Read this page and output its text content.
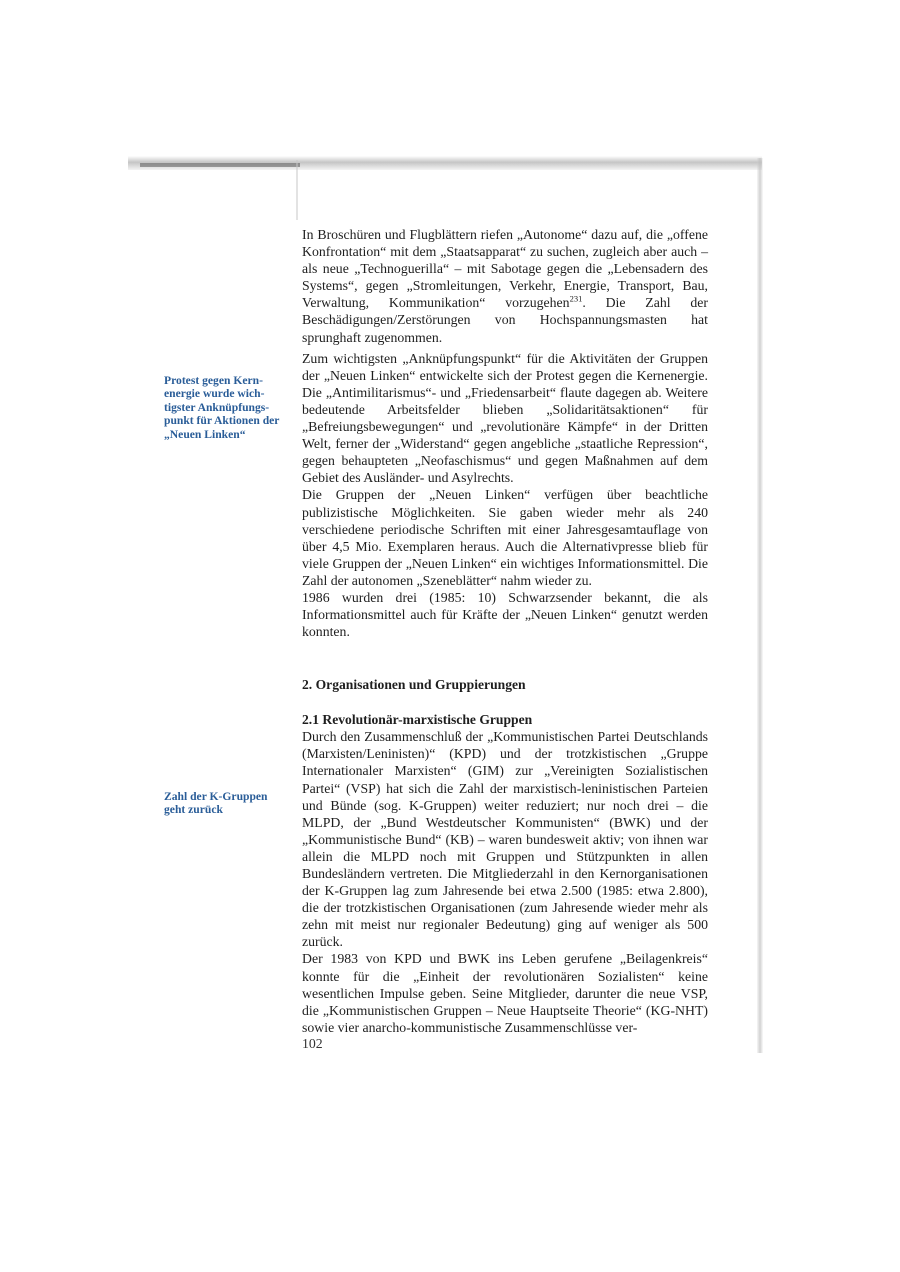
Protest gegen Kern- energie wurde wich- tigster Anknüpfungs- punkt für Aktionen der „Neuen Linken“

Zahl der K-Gruppen geht zurück

In Broschüren und Flugblättern riefen „Autonome“ dazu auf, die „offene Konfrontation“ mit dem „Staatsapparat“ zu suchen, zugleich aber auch – als neue „Technoguerilla“ – mit Sabotage gegen die „Lebensadern des Systems“, gegen „Stromleitungen, Verkehr, Energie, Transport, Bau, Verwaltung, Kommunikation“ vorzugehen$^{231}$. Die Zahl der Beschädigungen/Zerstörungen von Hochspannungsmasten hat sprunghaft zugenommen.

Zum wichtigsten „Anknüpfungspunkt“ für die Aktivitäten der Gruppen der „Neuen Linken“ entwickelte sich der Protest gegen die Kernenergie. Die „Antimilitarismus“- und „Friedensarbeit“ flaute dagegen ab. Weitere bedeutende Arbeitsfelder blieben „Solidaritätsaktionen“ für „Befreiungsbewegungen“ und „revolutionäre Kämpfe“ in der Dritten Welt, ferner der „Widerstand“ gegen angebliche „staatliche Repression“, gegen behaupteten „Neofaschismus“ und gegen Maßnahmen auf dem Gebiet des Ausländer- und Asylrechts.

Die Gruppen der „Neuen Linken“ verfügen über beachtliche publizistische Möglichkeiten. Sie gaben wieder mehr als 240 verschiedene periodische Schriften mit einer Jahresgesamtauflage von über 4,5 Mio. Exemplaren heraus. Auch die Alternativpresse blieb für viele Gruppen der „Neuen Linken“ ein wichtiges Informationsmittel. Die Zahl der autonomen „Szeneblätter“ nahm wieder zu.

1986 wurden drei (1985: 10) Schwarzsender bekannt, die als Informationsmittel auch für Kräfte der „Neuen Linken“ genutzt werden konnten.

2. Organisationen und Gruppierungen
2.1 Revolutionär-marxistische Gruppen

Durch den Zusammenschluß der „Kommunistischen Partei Deutschlands (Marxisten/Leninisten)“ (KPD) und der trotzkistischen „Gruppe Internationaler Marxisten“ (GIM) zur „Vereinigten Sozialistischen Partei“ (VSP) hat sich die Zahl der marxistisch-leninistischen Parteien und Bünde (sog. K-Gruppen) weiter reduziert; nur noch drei – die MLPD, der „Bund Westdeutscher Kommunisten“ (BWK) und der „Kommunistische Bund“ (KB) – waren bundesweit aktiv; von ihnen war allein die MLPD noch mit Gruppen und Stützpunkten in allen Bundesländern vertreten. Die Mitgliederzahl in den Kernorganisationen der K-Gruppen lag zum Jahresende bei etwa 2.500 (1985: etwa 2.800), die der trotzkistischen Organisationen (zum Jahresende wieder mehr als zehn mit meist nur regionaler Bedeutung) ging auf weniger als 500 zurück.

Der 1983 von KPD und BWK ins Leben gerufene „Beilagenkreis“ konnte für die „Einheit der revolutionären Sozialisten“ keine wesentlichen Impulse geben. Seine Mitglieder, darunter die neue VSP, die „Kommunistischen Gruppen – Neue Hauptseite Theorie“ (KG-NHT) sowie vier anarcho-kommunistische Zusammenschlüsse ver-

102
